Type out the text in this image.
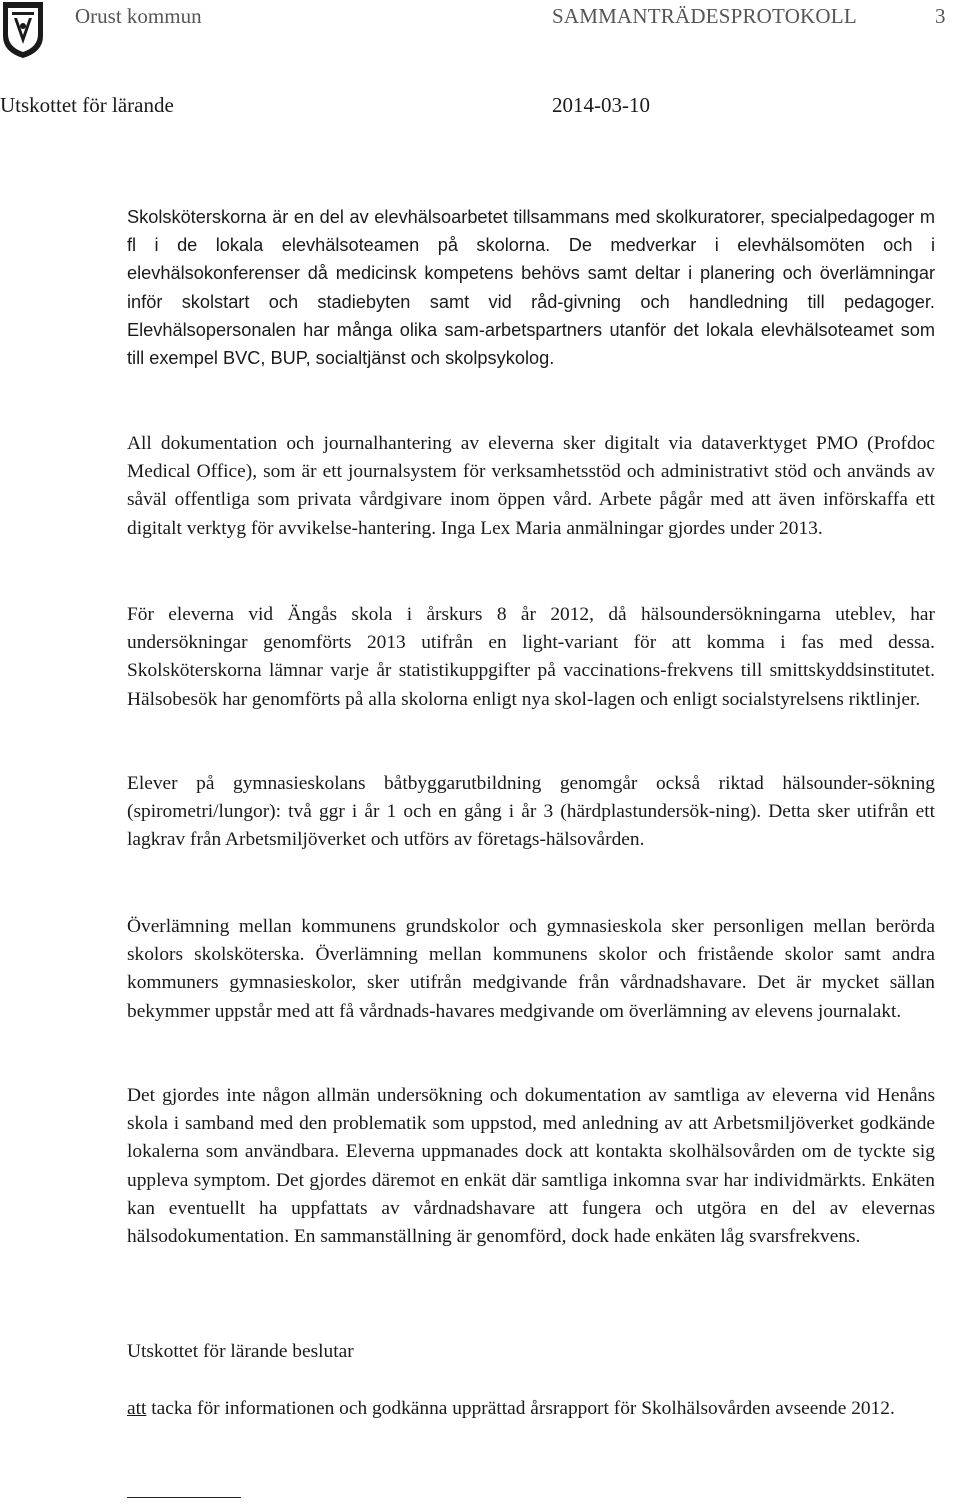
Orust kommun	SAMMANTRÄDESPROTOKOLL	3
Utskottet för lärande	2014-03-10

Skolsköterskorna är en del av elevhälsoarbetet tillsammans med skolkuratorer, specialpedagoger m fl i de lokala elevhälsoteamen på skolorna. De medverkar i elevhälsomöten och i elevhälsokonferenser då medicinsk kompetens behövs samt deltar i planering och överlämningar inför skolstart och stadiebyten samt vid råd-givning och handledning till pedagoger. Elevhälsopersonalen har många olika sam-arbetspartners utanför det lokala elevhälsoteamet som till exempel BVC, BUP, socialtjänst och skolpsykolog.

All dokumentation och journalhantering av eleverna sker digitalt via dataverktyget PMO (Profdoc Medical Office), som är ett journalsystem för verksamhetsstöd och administrativt stöd och används av såväl offentliga som privata vårdgivare inom öppen vård. Arbete pågår med att även införskaffa ett digitalt verktyg för avvikelse-hantering. Inga Lex Maria anmälningar gjordes under 2013.

För eleverna vid Ängås skola i årskurs 8 år 2012, då hälsoundersökningarna uteblev, har undersökningar genomförts 2013 utifrån en light-variant för att komma i fas med dessa. Skolsköterskorna lämnar varje år statistikuppgifter på vaccinations-frekvens till smittskyddsinstitutet. Hälsobesök har genomförts på alla skolorna enligt nya skol-lagen och enligt socialstyrelsens riktlinjer.

Elever på gymnasieskolans båtbyggarutbildning genomgår också riktad hälsounder-sökning (spirometri/lungor): två ggr i år 1 och en gång i år 3 (härdplastundersök-ning). Detta sker utifrån ett lagkrav från Arbetsmiljöverket och utförs av företags-hälsovården.

Överlämning mellan kommunens grundskolor och gymnasieskola sker personligen mellan berörda skolors skolsköterska. Överlämning mellan kommunens skolor och fristående skolor samt andra kommuners gymnasieskolor, sker utifrån medgivande från vårdnadshavare. Det är mycket sällan bekymmer uppstår med att få vårdnads-havares medgivande om överlämning av elevens journalakt.

Det gjordes inte någon allmän undersökning och dokumentation av samtliga av eleverna vid Henåns skola i samband med den problematik som uppstod, med anledning av att Arbetsmiljöverket godkände lokalerna som användbara. Eleverna uppmanades dock att kontakta skolhälsovården om de tyckte sig uppleva symptom. Det gjordes däremot en enkät där samtliga inkomna svar har individmärkts. Enkäten kan eventuellt ha uppfattats av vårdnadshavare att fungera och utgöra en del av elevernas hälsodokumentation. En sammanställning är genomförd, dock hade enkäten låg svarsfrekvens.

Utskottet för lärande beslutar

att tacka för informationen och godkänna upprättad årsrapport för Skolhälsovården avseende 2012.
